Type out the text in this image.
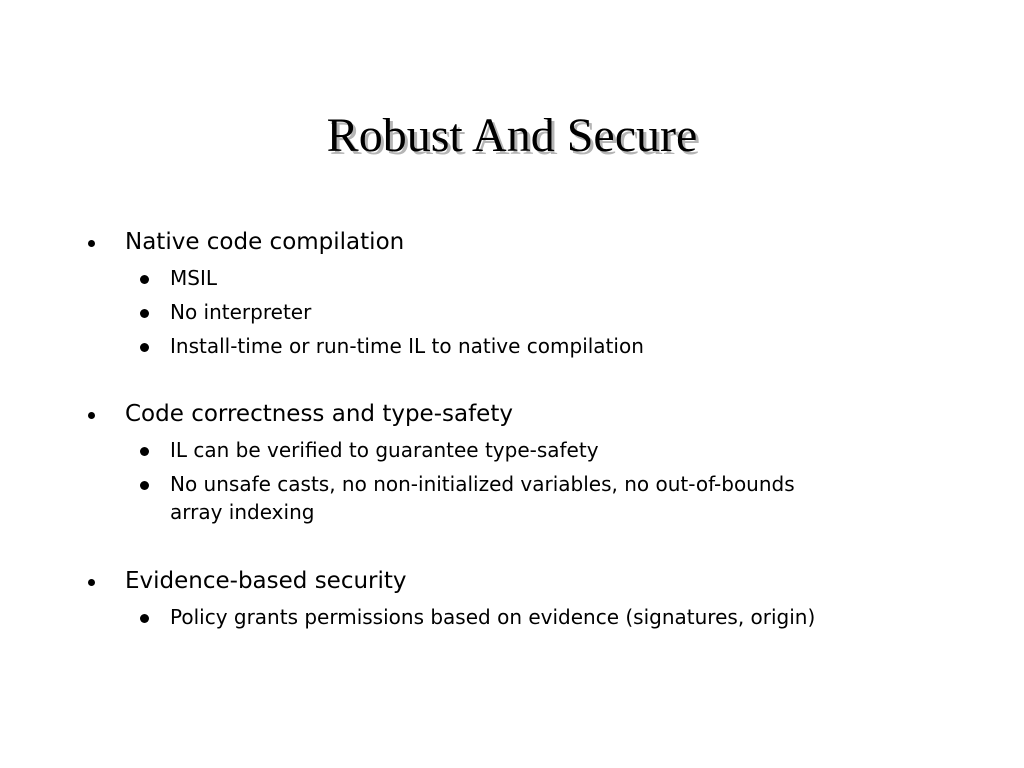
Robust And Secure
Native code compilation
MSIL
No interpreter
Install-time or run-time IL to native compilation
Code correctness and type-safety
IL can be verified to guarantee type-safety
No unsafe casts, no non-initialized variables, no out-of-bounds
array indexing
Evidence-based security
Policy grants permissions based on evidence (signatures, origin)
